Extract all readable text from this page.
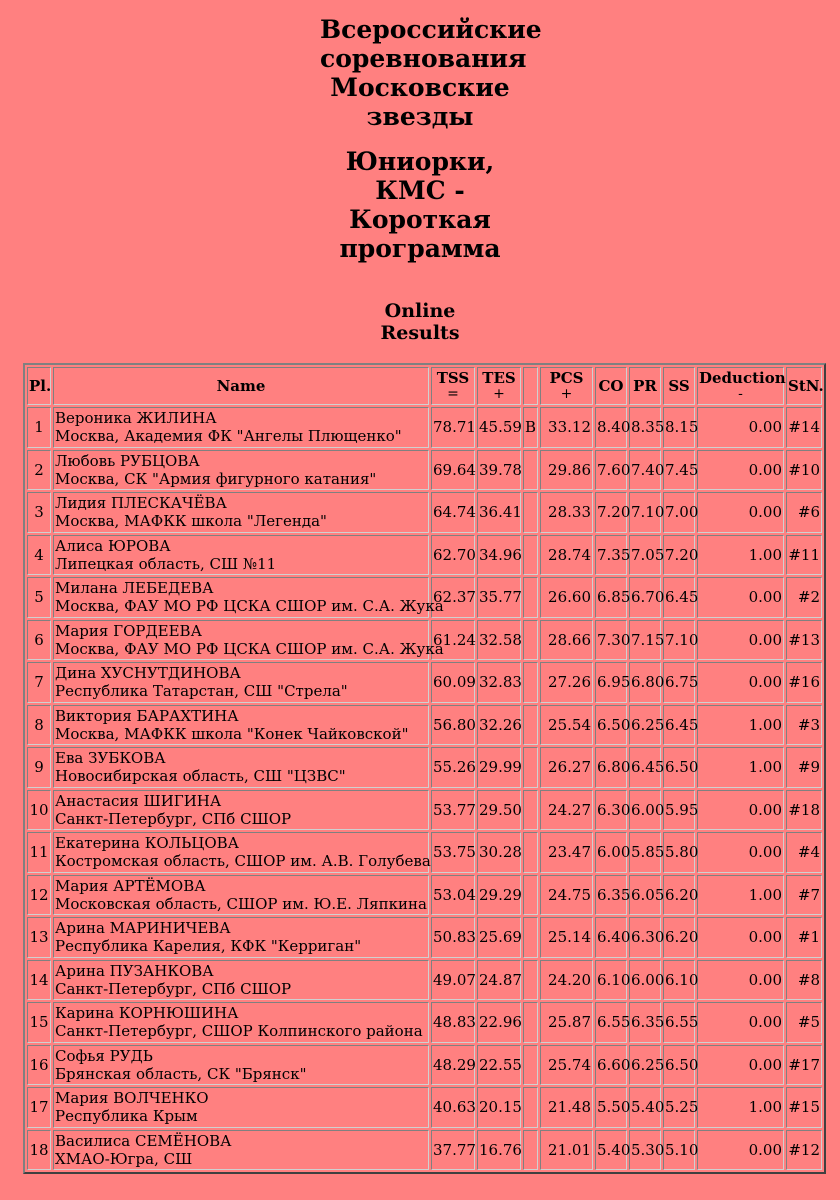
Всероссийские
соревнования
Московские
звезды
Юниорки,
КМС -
Короткая
программа
Online
Results
Pl.	Name	TSS
=	TES
+		PCS
+	CO	PR	SS	Deduction
-	StN.
1	Вероника ЖИЛИНА
Москва, Академия ФК "Ангелы Плющенко"	78.71	45.59	B	33.12	8.40	8.35	8.15	0.00	#14
2	Любовь РУБЦОВА
Москва, СК "Армия фигурного катания"	69.64	39.78		29.86	7.60	7.40	7.45	0.00	#10
3	Лидия ПЛЕСКАЧЁВА
Москва, МАФКК школа "Легенда"	64.74	36.41		28.33	7.20	7.10	7.00	0.00	#6
4	Алиса ЮРОВА
Липецкая область, СШ №11	62.70	34.96		28.74	7.35	7.05	7.20	1.00	#11
5	Милана ЛЕБЕДЕВА
Москва, ФАУ МО РФ ЦСКА СШОР им. С.А. Жука	62.37	35.77		26.60	6.85	6.70	6.45	0.00	#2
6	Мария ГОРДЕЕВА
Москва, ФАУ МО РФ ЦСКА СШОР им. С.А. Жука	61.24	32.58		28.66	7.30	7.15	7.10	0.00	#13
7	Дина ХУСНУТДИНОВА
Республика Татарстан, СШ "Стрела"	60.09	32.83		27.26	6.95	6.80	6.75	0.00	#16
8	Виктория БАРАХТИНА
Москва, МАФКК школа "Конек Чайковской"	56.80	32.26		25.54	6.50	6.25	6.45	1.00	#3
9	Ева ЗУБКОВА
Новосибирская область, СШ "ЦЗВС"	55.26	29.99		26.27	6.80	6.45	6.50	1.00	#9
10	Анастасия ШИГИНА
Санкт-Петербург, СПб СШОР	53.77	29.50		24.27	6.30	6.00	5.95	0.00	#18
11	Екатерина КОЛЬЦОВА
Костромская область, СШОР им. А.В. Голубева	53.75	30.28		23.47	6.00	5.85	5.80	0.00	#4
12	Мария АРТЁМОВА
Московская область, СШОР им. Ю.Е. Ляпкина	53.04	29.29		24.75	6.35	6.05	6.20	1.00	#7
13	Арина МАРИНИЧЕВА
Республика Карелия, КФК "Керриган"	50.83	25.69		25.14	6.40	6.30	6.20	0.00	#1
14	Арина ПУЗАНКОВА
Санкт-Петербург, СПб СШОР	49.07	24.87		24.20	6.10	6.00	6.10	0.00	#8
15	Карина КОРНЮШИНА
Санкт-Петербург, СШОР Колпинского района	48.83	22.96		25.87	6.55	6.35	6.55	0.00	#5
16	Софья РУДЬ
Брянская область, СК "Брянск"	48.29	22.55		25.74	6.60	6.25	6.50	0.00	#17
17	Мария ВОЛЧЕНКО
Республика Крым	40.63	20.15		21.48	5.50	5.40	5.25	1.00	#15
18	Василиса СЕМЁНОВА
ХМАО-Югра, СШ	37.77	16.76		21.01	5.40	5.30	5.10	0.00	#12
